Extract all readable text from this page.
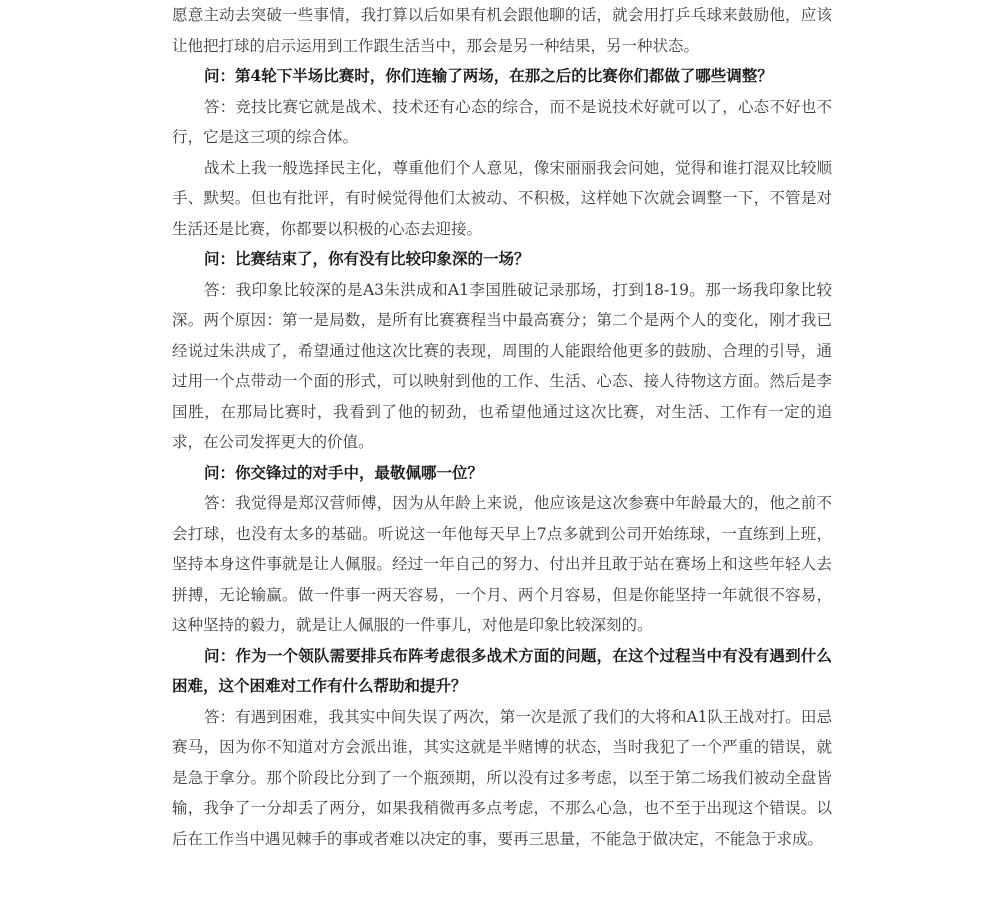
愿意主动去突破一些事情，我打算以后如果有机会跟他聊的话，就会用打乒乓球来鼓励他，应该让他把打球的启示运用到工作跟生活当中，那会是另一种结果，另一种状态。

问：第4轮下半场比赛时，你们连输了两场，在那之后的比赛你们都做了哪些调整？

答：竞技比赛它就是战术、技术还有心态的综合，而不是说技术好就可以了，心态不好也不行，它是这三项的综合体。

战术上我一般选择民主化，尊重他们个人意见，像宋丽丽我会问她，觉得和谁打混双比较顺手、默契。但也有批评，有时候觉得他们太被动、不积极，这样她下次就会调整一下，不管是对生活还是比赛，你都要以积极的心态去迎接。

问：比赛结束了，你有没有比较印象深的一场？

答：我印象比较深的是A3朱洪成和A1李国胜破记录那场，打到18-19。那一场我印象比较深。两个原因：第一是局数，是所有比赛赛程当中最高赛分；第二个是两个人的变化，刚才我已经说过朱洪成了，希望通过他这次比赛的表现，周围的人能跟给他更多的鼓励、合理的引导，通过用一个点带动一个面的形式，可以映射到他的工作、生活、心态、接人待物这方面。然后是李国胜，在那局比赛时，我看到了他的韧劲，也希望他通过这次比赛，对生活、工作有一定的追求，在公司发挥更大的价值。

问：你交锋过的对手中，最敬佩哪一位？

答：我觉得是郑汉营师傅，因为从年龄上来说，他应该是这次参赛中年龄最大的，他之前不会打球，也没有太多的基础。听说这一年他每天早上7点多就到公司开始练球，一直练到上班，坚持本身这件事就是让人佩服。经过一年自己的努力、付出并且敢于站在赛场上和这些年轻人去拼搏，无论输赢。做一件事一两天容易，一个月、两个月容易，但是你能坚持一年就很不容易，这种坚持的毅力，就是让人佩服的一件事儿，对他是印象比较深刻的。

问：作为一个领队需要排兵布阵考虑很多战术方面的问题，在这个过程当中有没有遇到什么困难，这个困难对工作有什么帮助和提升？

答：有遇到困难，我其实中间失误了两次，第一次是派了我们的大将和A1队王战对打。田忌赛马，因为你不知道对方会派出谁，其实这就是半赌博的状态，当时我犯了一个严重的错误，就是急于拿分。那个阶段比分到了一个瓶颈期，所以没有过多考虑，以至于第二场我们被动全盘皆输，我争了一分却丢了两分，如果我稍微再多点考虑，不那么心急，也不至于出现这个错误。以后在工作当中遇见棘手的事或者难以决定的事，要再三思量，不能急于做决定，不能急于求成。
